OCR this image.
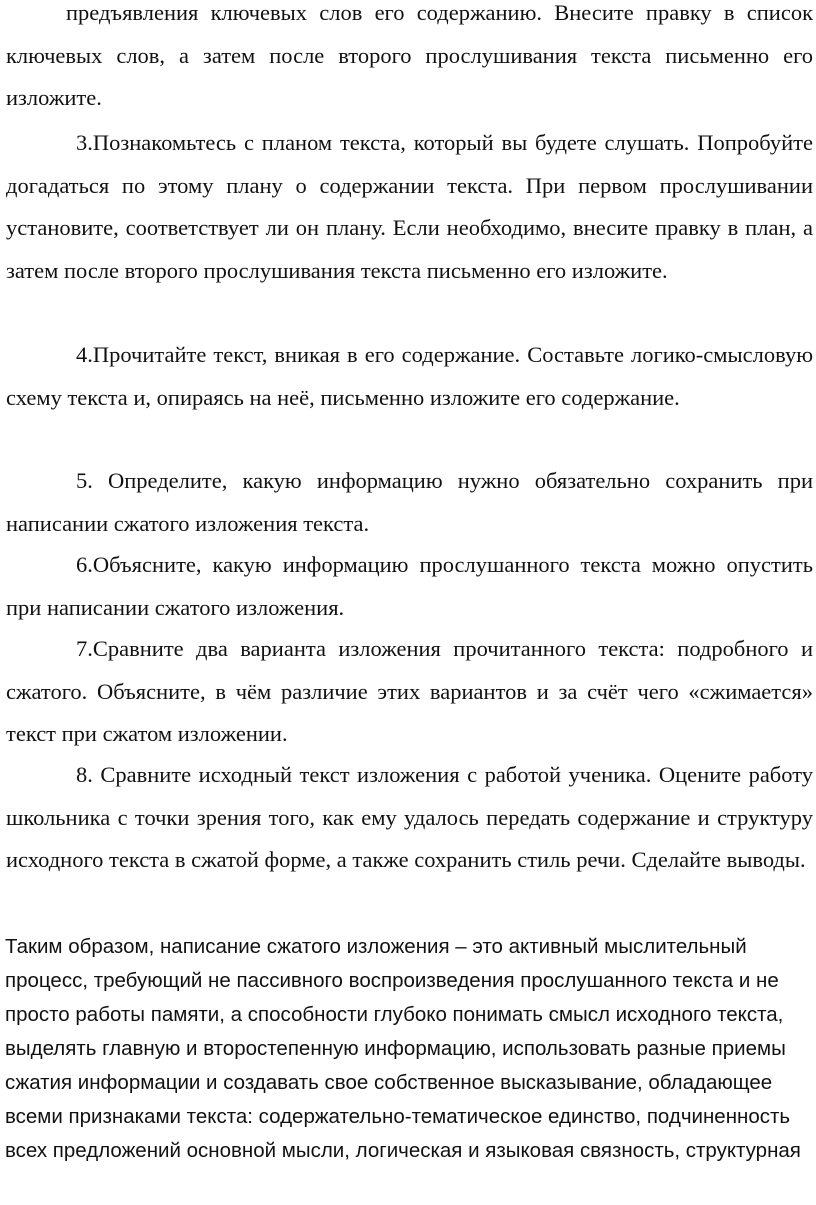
предъявления ключевых слов его содержанию. Внесите правку в список ключевых слов, а затем после второго прослушивания текста письменно его изложите.

3.Познакомьтесь с планом текста, который вы будете слушать. Попробуйте догадаться по этому плану о содержании текста. При первом прослушивании установите, соответствует ли он плану. Если необходимо, внесите правку в план, а затем после второго прослушивания текста письменно его изложите.

4.Прочитайте текст, вникая в его содержание. Составьте логико-смысловую схему текста и, опираясь на неё, письменно изложите его содержание.

5. Определите, какую информацию нужно обязательно сохранить при написании сжатого изложения текста.

6.Объясните, какую информацию прослушанного текста можно опустить при написании сжатого изложения.

7.Сравните два варианта изложения прочитанного текста: подробного и сжатого. Объясните, в чём различие этих вариантов и за счёт чего «сжимается» текст при сжатом изложении.

8. Сравните исходный текст изложения с работой ученика. Оцените работу школьника с точки зрения того, как ему удалось передать содержание и структуру исходного текста в сжатой форме, а также сохранить стиль речи. Сделайте выводы.

Таким образом, написание сжатого изложения – это активный мыслительный процесс, требующий не пассивного воспроизведения прослушанного текста и не просто работы памяти, а способности глубоко понимать смысл исходного текста, выделять главную и второстепенную информацию, использовать разные приемы сжатия информации и создавать свое собственное высказывание, обладающее всеми признаками текста: содержательно-тематическое единство, подчиненность всех предложений основной мысли, логическая и языковая связность, структурная
